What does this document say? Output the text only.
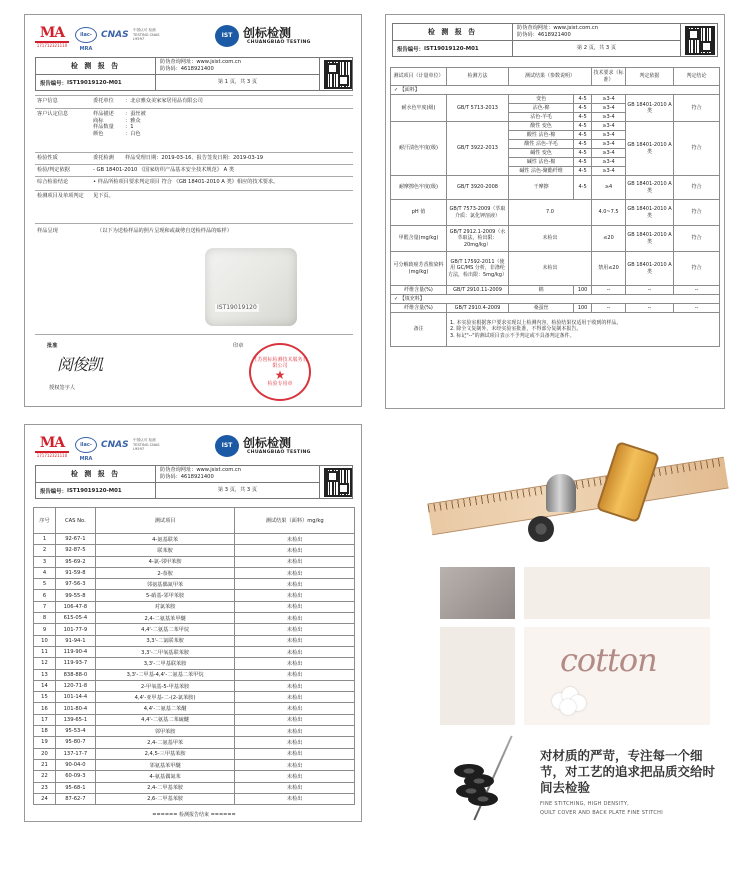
MA
171712321110
ilac-MRA
CNAS	中国认可 检测 TESTING CNAS L9597
IST 创标检测
CHUANGBIAO TESTING
检 测 报 告
防伪查询网址：www.jsist.com.cn
防伪码：4618921400
报告编号： IST19019120-M01	第 1 页，共 3 页
客户信息	委托单位	：北京雅众美家家居用品有限公司
客户认定信息	样品描述	：蚕丝被
商标	：雅众
样品数量	：1
颜色	：白色
检验性质	委托检测	样品受理日期：2019-03-16、报告签发日期：2019-03-19
检验/判定依据	- GB 18401-2010 《国家纺织产品基本安全技术规范》 A 类
综合检验结论	• 样品所检项目要求判定项目 符合 《GB 18401-2010 A 类》相应的技术要求。
检测项目及单项判定	见下页。
样品呈现	（以下为送检样品的照片呈现和或裁剪自送检样品的贴样）
IST19019120
批准
阅俊凯
授权签字人
印章
江苏创标检测技术服务有限公司
★
检验专用章
检 测 报 告
防伪查询网址：www.jsist.com.cn
防伪码：4618921400
报告编号： IST19019120-M01	第 2 页，共 3 页
测试项目（计量单位）	检测方法	测试结果（参数说明）		技术要求（标准）	判定依据	判定结论
✓ 【面料】						
耐水色牢度(级)	GB/T 5713-2013	变色	4-5	≥3-4	GB 18401-2010 A 类	符合
		沾色-棉	4-5	≥3-4		
		沾色-羊毛	4-5	≥3-4		
耐汗渍色牢度(级)	GB/T 3922-2013	酸性 变色	4-5	≥3-4	GB 18401-2010 A 类	符合
		酸性 沾色-棉	4-5	≥3-4		
		酸性 沾色-羊毛	4-5	≥3-4		
		碱性 变色	4-5	≥3-4		
		碱性 沾色-棉	4-5	≥3-4		
		碱性 沾色-聚酯纤维	4-5	≥3-4		
耐摩擦色牢度(级)	GB/T 3920-2008	干摩擦	4-5	≥4	GB 18401-2010 A 类	符合
pH 值	GB/T 7573-2009（萃取介质：氯化钾溶液）	7.0		4.0~7.5	GB 18401-2010 A 类	符合
甲醛含量(mg/kg)	GB/T 2912.1-2009（水萃取法，检出限：20mg/kg）	未检出		≤20	GB 18401-2010 A 类	符合
可分解致癌芳香胺染料(mg/kg)	GB/T 17592-2011（使用 GC/MS 分析，非涤纶方法，检出限：5mg/kg）	未检出		禁用≤20	GB 18401-2010 A 类	符合
纤维含量(%)	GB/T 2910.11-2009	棉	100	--	--	--
✓ 【填充料】						
纤维含量(%)	GB/T 2910.4-2009	桑蚕丝	100	--	--	--
备注	1. 本实验室根据客户要求实现以上检测内容，检验结果仅适用于收到的样品。
2. 除全文复制外，未经实验室批准，不得部分复制本报告。
3. 标记"--"的测试项目表示不予判定或不具备判定条件。					
MA
171712321110
ilac-MRA
CNAS	中国认可 检测 TESTING CNAS L9597
IST 创标检测
CHUANGBIAO TESTING
检 测 报 告
防伪查询网址：www.jsist.com.cn
防伪码：4618921400
报告编号： IST19019120-M01	第 3 页，共 3 页
序号	CAS No.	测试项目	测试结果（面料）mg/kg
1	92-67-1	4-氨基联苯	未检出
2	92-87-5	联苯胺	未检出
3	95-69-2	4-氯-邻甲苯胺	未检出
4	91-59-8	2-萘胺	未检出
5	97-56-3	邻氨基偶氮甲苯	未检出
6	99-55-8	5-硝基-邻甲苯胺	未检出
7	106-47-8	对氯苯胺	未检出
8	615-05-4	2,4-二氨基苯甲醚	未检出
9	101-77-9	4,4'-二氨基二苯甲烷	未检出
10	91-94-1	3,3'-二氯联苯胺	未检出
11	119-90-4	3,3'-二甲氧基联苯胺	未检出
12	119-93-7	3,3'-二甲基联苯胺	未检出
13	838-88-0	3,3'-二甲基-4,4'-二氨基二苯甲烷	未检出
14	120-71-8	2-甲氧基-5-甲基苯胺	未检出
15	101-14-4	4,4'-亚甲基-二-(2-氯苯胺)	未检出
16	101-80-4	4,4'-二氨基二苯醚	未检出
17	139-65-1	4,4'-二氨基二苯硫醚	未检出
18	95-53-4	邻甲苯胺	未检出
19	95-80-7	2,4-二氨基甲苯	未检出
20	137-17-7	2,4,5-三甲基苯胺	未检出
21	90-04-0	邻氨基苯甲醚	未检出
22	60-09-3	4-氨基偶氮苯	未检出
23	95-68-1	2,4-二甲基苯胺	未检出
24	87-62-7	2,6-二甲基苯胺	未检出
====== 检测报告结束 ======
cotton
对材质的严苛，专注每一个细节，对工艺的追求把品质交给时间去检验
FINE STITCHING, HIGH DENSITY,
QUILT COVER AND BACK PLATE FINE STITCHI
